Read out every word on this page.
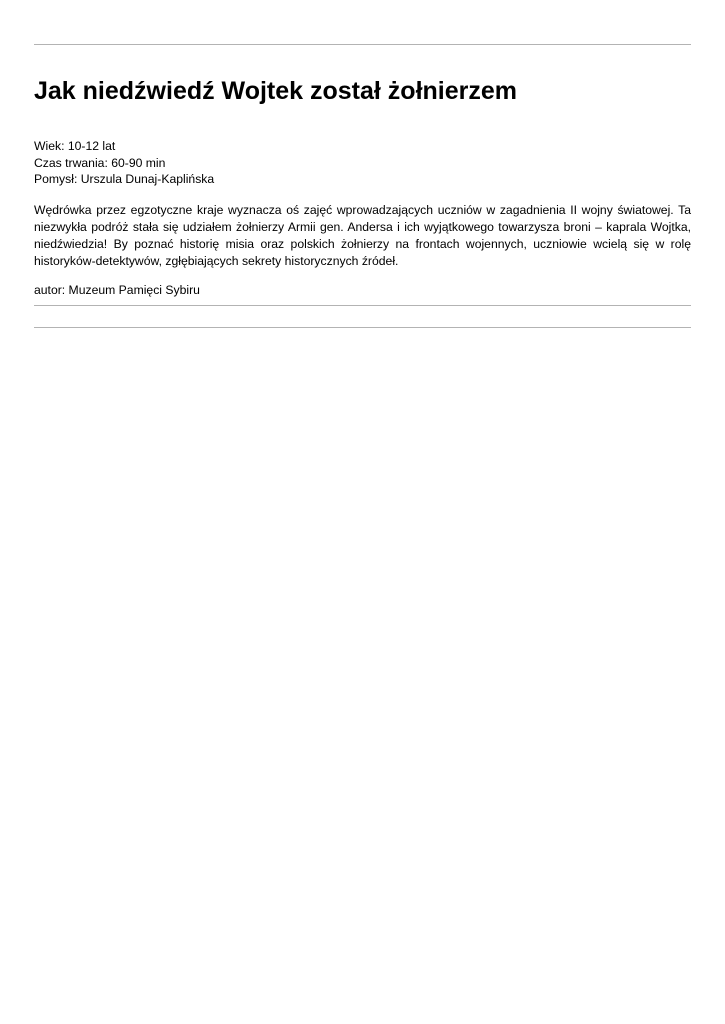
Jak niedźwiedź Wojtek został żołnierzem
Wiek: 10-12 lat
Czas trwania: 60-90 min
Pomysł: Urszula Dunaj-Kaplińska

Wędrówka przez egzotyczne kraje wyznacza oś zajęć wprowadzających uczniów w zagadnienia II wojny światowej. Ta niezwykła podróż stała się udziałem żołnierzy Armii gen. Andersa i ich wyjątkowego towarzysza broni – kaprala Wojtka, niedźwiedzia! By poznać historię misia oraz polskich żołnierzy na frontach wojennych, uczniowie wcielą się w rolę historyków-detektywów, zgłębiających sekrety historycznych źródeł.

autor: Muzeum Pamięci Sybiru
